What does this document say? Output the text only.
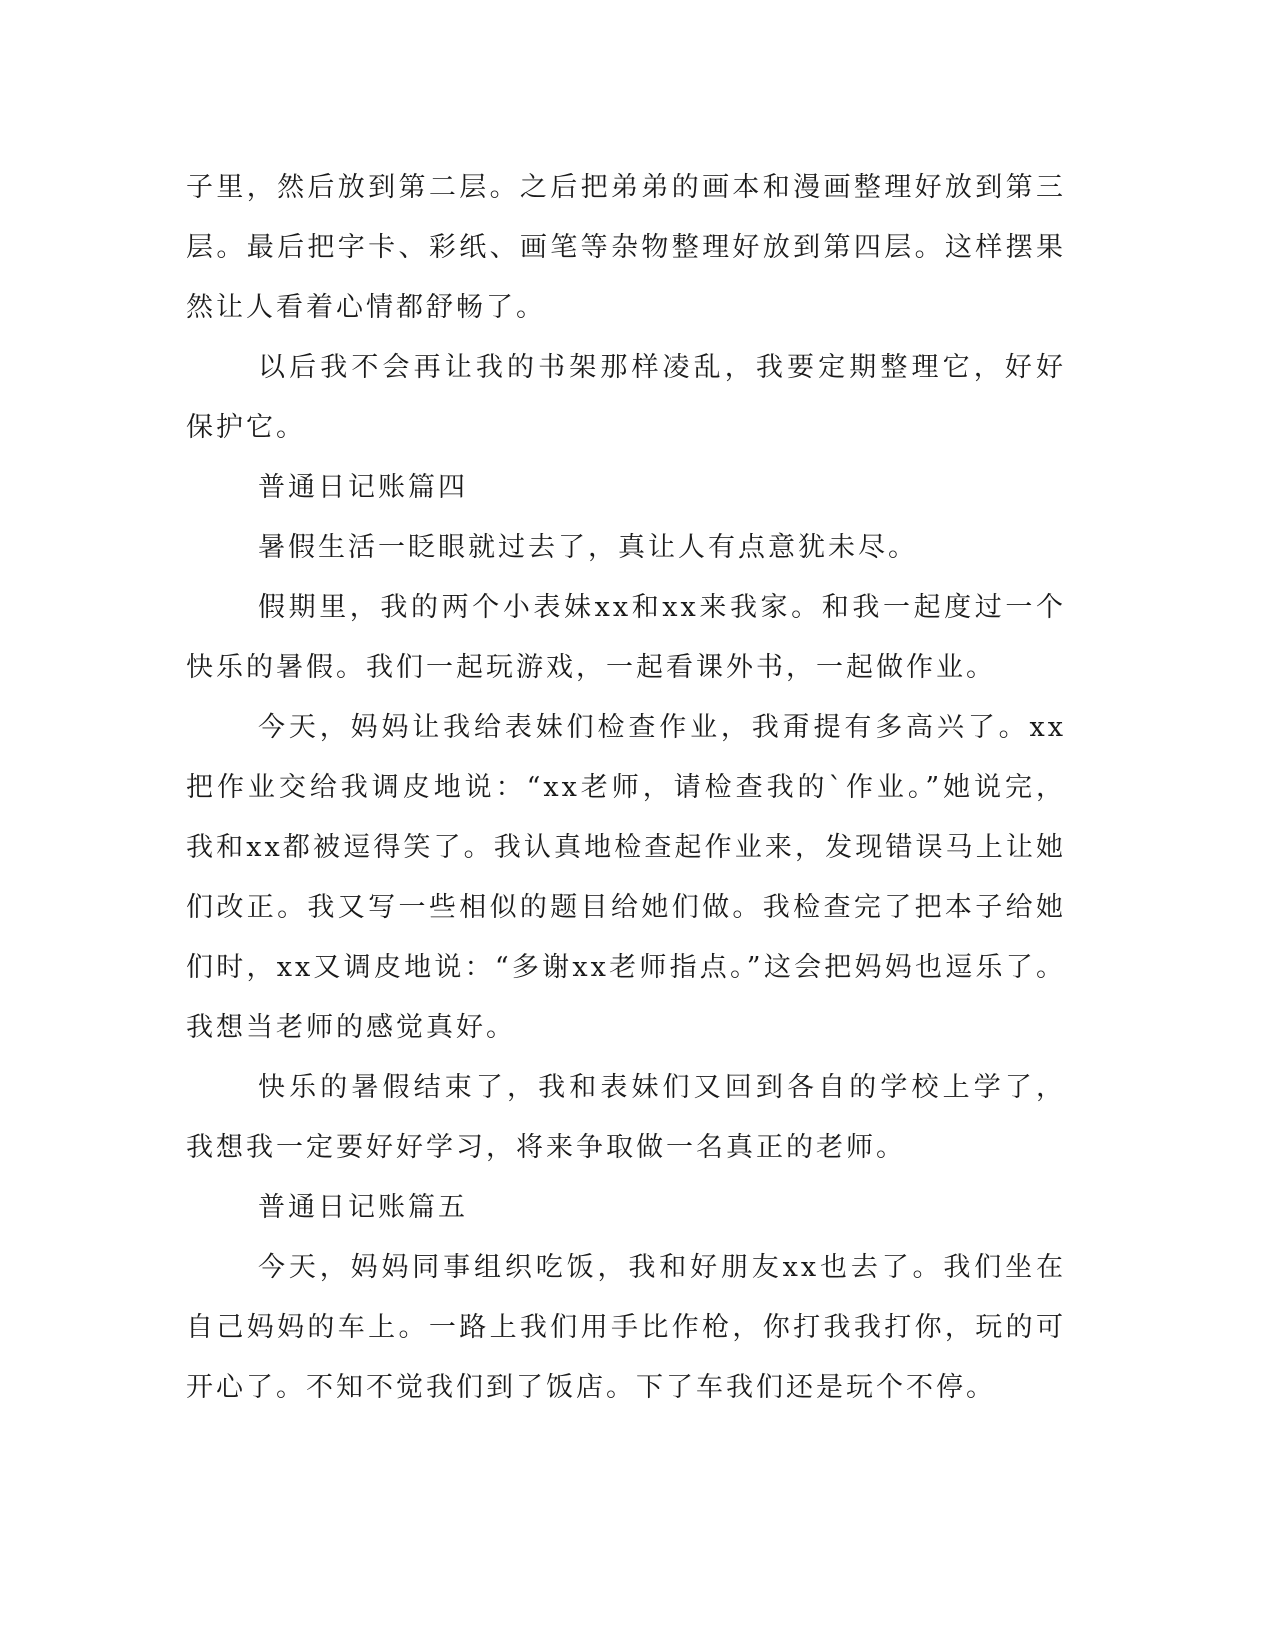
子里，然后放到第二层。之后把弟弟的画本和漫画整理好放到第三层。最后把字卡、彩纸、画笔等杂物整理好放到第四层。这样摆果然让人看着心情都舒畅了。

以后我不会再让我的书架那样凌乱，我要定期整理它，好好保护它。

普通日记账篇四

暑假生活一眨眼就过去了，真让人有点意犹未尽。

假期里，我的两个小表妹xx和xx来我家。和我一起度过一个快乐的暑假。我们一起玩游戏，一起看课外书，一起做作业。

今天，妈妈让我给表妹们检查作业，我甭提有多高兴了。xx把作业交给我调皮地说：“xx老师，请检查我的`作业。”她说完，我和xx都被逗得笑了。我认真地检查起作业来，发现错误马上让她们改正。我又写一些相似的题目给她们做。我检查完了把本子给她们时，xx又调皮地说：“多谢xx老师指点。”这会把妈妈也逗乐了。我想当老师的感觉真好。

快乐的暑假结束了，我和表妹们又回到各自的学校上学了，我想我一定要好好学习，将来争取做一名真正的老师。

普通日记账篇五

今天，妈妈同事组织吃饭，我和好朋友xx也去了。我们坐在自己妈妈的车上。一路上我们用手比作枪，你打我我打你，玩的可开心了。不知不觉我们到了饭店。下了车我们还是玩个不停。
